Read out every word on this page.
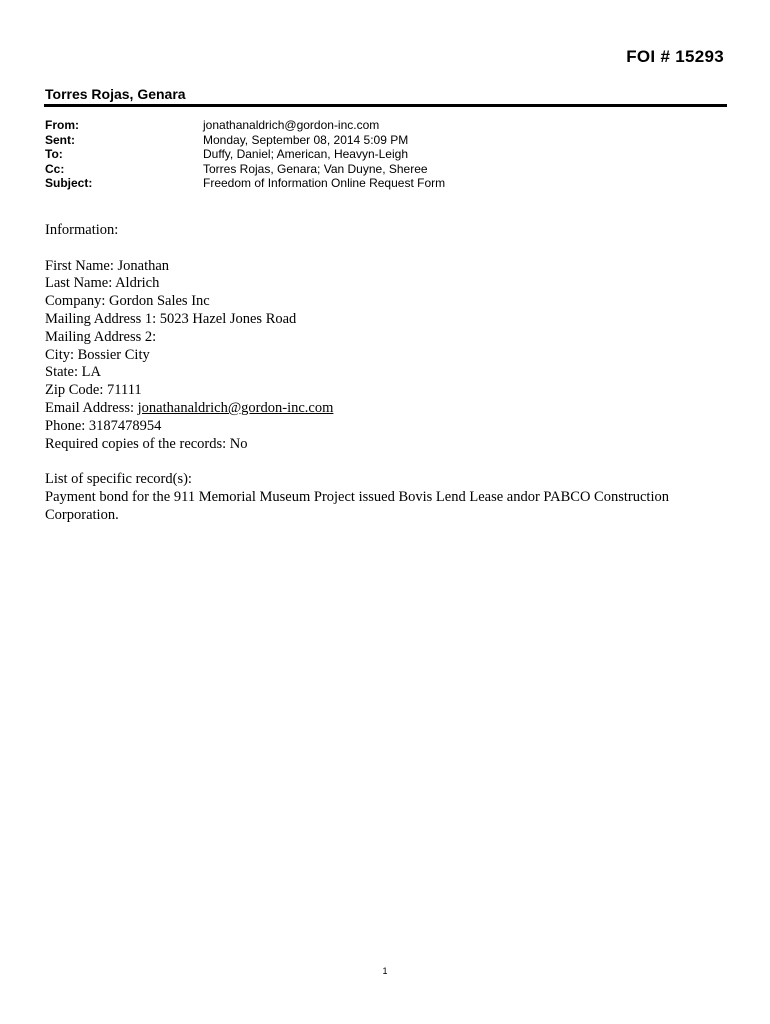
FOI # 15293
Torres Rojas, Genara
From:	jonathanaldrich@gordon-inc.com
Sent:	Monday, September 08, 2014 5:09 PM
To:	Duffy, Daniel; American, Heavyn-Leigh
Cc:	Torres Rojas, Genara; Van Duyne, Sheree
Subject:	Freedom of Information Online Request Form

Information:

First Name: Jonathan

Last Name: Aldrich

Company: Gordon Sales Inc

Mailing Address 1: 5023 Hazel Jones Road

Mailing Address 2:

City: Bossier City

State: LA

Zip Code: 71111

Email Address: jonathanaldrich@gordon-inc.com

Phone: 3187478954

Required copies of the records: No

List of specific record(s):

Payment bond for the 911 Memorial Museum Project issued Bovis Lend Lease andor PABCO Construction Corporation.

1
